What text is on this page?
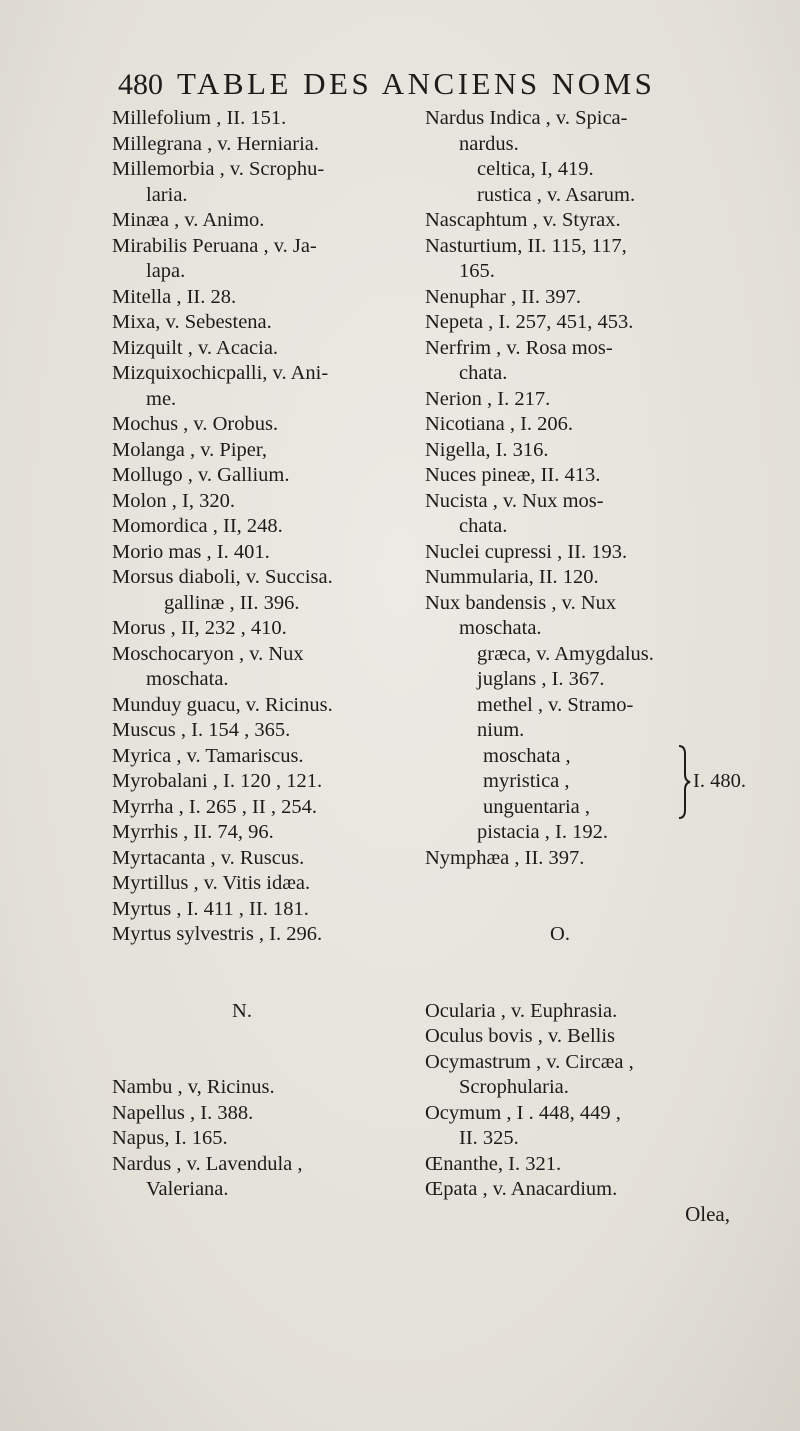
480 TABLE DES ANCIENS NOMS
Millefolium , II. 151.
Millegrana , v. Herniaria.
Millemorbia , v. Scrophu-
laria.
Minæa , v. Animo.
Mirabilis Peruana , v. Ja-
lapa.
Mitella , II. 28.
Mixa, v. Sebestena.
Mizquilt , v. Acacia.
Mizquixochicpalli, v. Ani-
me.
Mochus , v. Orobus.
Molanga , v. Piper,
Mollugo , v. Gallium.
Molon , I, 320.
Momordica , II, 248.
Morio mas , I. 401.
Morsus diaboli, v. Succisa.
gallinæ , II. 396.
Morus , II, 232 , 410.
Moschocaryon , v. Nux
moschata.
Munduy guacu, v. Ricinus.
Muscus , I. 154 , 365.
Myrica , v. Tamariscus.
Myrobalani , I. 120 , 121.
Myrrha , I. 265 , II , 254.
Myrrhis , II. 74, 96.
Myrtacanta , v. Ruscus.
Myrtillus , v. Vitis idæa.
Myrtus , I. 411 , II. 181.
Myrtus sylvestris , I. 296.
N.
Nambu , v, Ricinus.
Napellus , I. 388.
Napus, I. 165.
Nardus , v. Lavendula ,
Valeriana.
Nardus Indica , v. Spica-
nardus.
celtica, I, 419.
rustica , v. Asarum.
Nascaphtum , v. Styrax.
Nasturtium, II. 115, 117,
165.
Nenuphar , II. 397.
Nepeta , I. 257, 451, 453.
Nerfrim , v. Rosa mos-
chata.
Nerion , I. 217.
Nicotiana , I. 206.
Nigella, I. 316.
Nuces pineæ, II. 413.
Nucista , v. Nux mos-
chata.
Nuclei cupressi , II. 193.
Nummularia, II. 120.
Nux bandensis , v. Nux
moschata.
græca, v. Amygdalus.
juglans , I. 367.
methel , v. Stramo-
nium.
moschata ,
myristica ,
unguentaria ,
I. 480.
pistacia , I. 192.
Nymphæa , II. 397.
O.
Ocularia , v. Euphrasia.
Oculus bovis , v. Bellis
Ocymastrum , v. Circæa ,
Scrophularia.
Ocymum , I . 448, 449 ,
II. 325.
Œnanthe, I. 321.
Œpata , v. Anacardium.
Olea,
